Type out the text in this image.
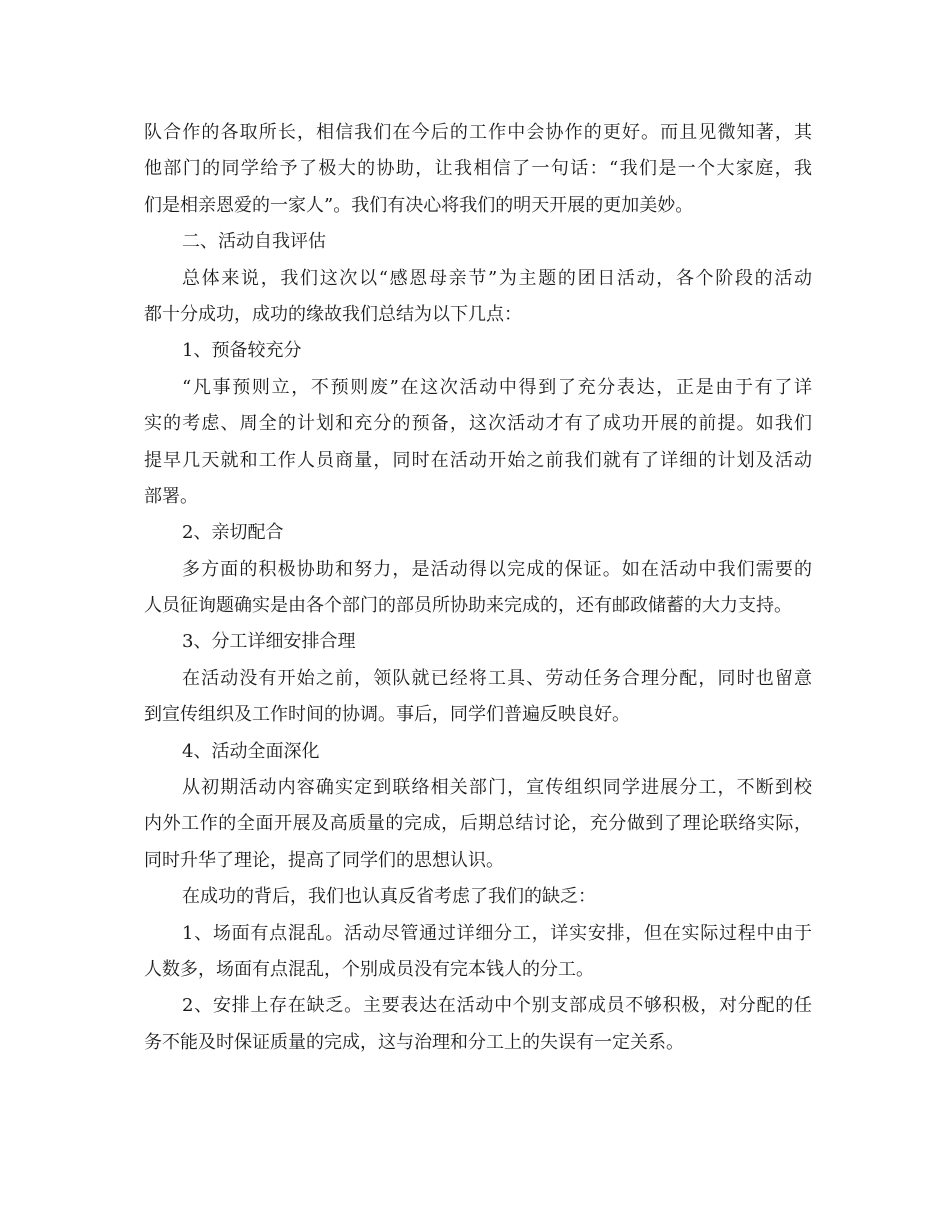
队合作的各取所长，相信我们在今后的工作中会协作的更好。而且见微知著，其
他部门的同学给予了极大的协助，让我相信了一句话：“我们是一个大家庭，我
们是相亲恩爱的一家人”。我们有决心将我们的明天开展的更加美妙。
二、活动自我评估
总体来说，我们这次以“感恩母亲节”为主题的团日活动，各个阶段的活动
都十分成功，成功的缘故我们总结为以下几点：
1、预备较充分
“凡事预则立，不预则废”在这次活动中得到了充分表达，正是由于有了详
实的考虑、周全的计划和充分的预备，这次活动才有了成功开展的前提。如我们
提早几天就和工作人员商量，同时在活动开始之前我们就有了详细的计划及活动
部署。
2、亲切配合
多方面的积极协助和努力，是活动得以完成的保证。如在活动中我们需要的
人员征询题确实是由各个部门的部员所协助来完成的，还有邮政储蓄的大力支持。
3、分工详细安排合理
在活动没有开始之前，领队就已经将工具、劳动任务合理分配，同时也留意
到宣传组织及工作时间的协调。事后，同学们普遍反映良好。
4、活动全面深化
从初期活动内容确实定到联络相关部门，宣传组织同学进展分工，不断到校
内外工作的全面开展及高质量的完成，后期总结讨论，充分做到了理论联络实际，
同时升华了理论，提高了同学们的思想认识。
在成功的背后，我们也认真反省考虑了我们的缺乏：
1、场面有点混乱。活动尽管通过详细分工，详实安排，但在实际过程中由于
人数多，场面有点混乱，个别成员没有完本钱人的分工。
2、安排上存在缺乏。主要表达在活动中个别支部成员不够积极，对分配的任
务不能及时保证质量的完成，这与治理和分工上的失误有一定关系。
